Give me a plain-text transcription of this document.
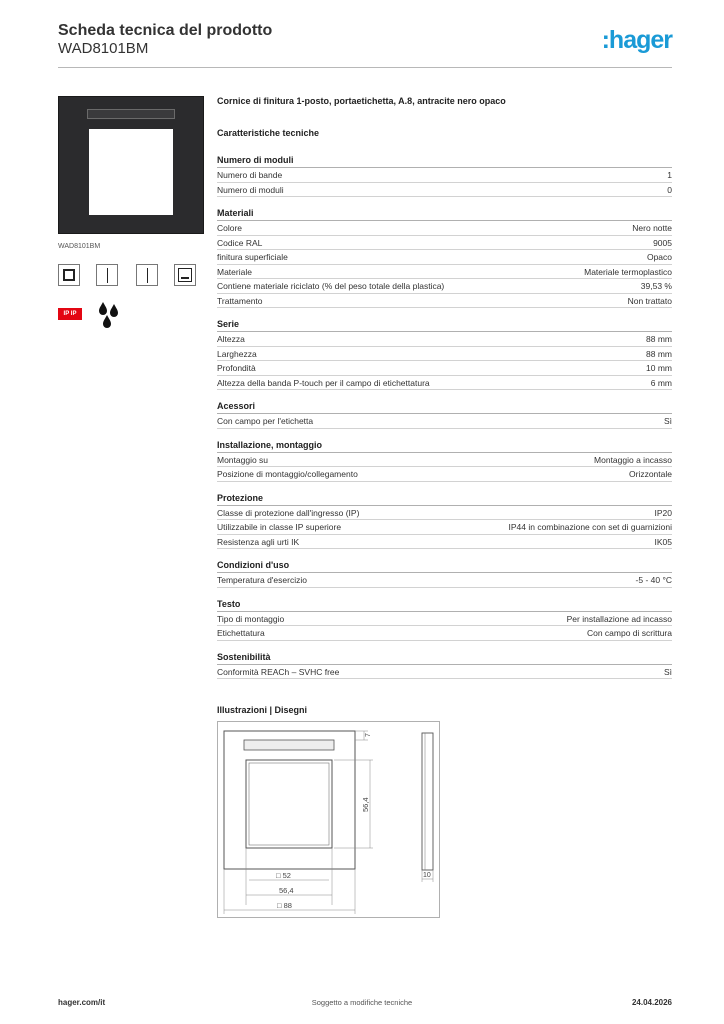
Scheda tecnica del prodotto
WAD8101BM	:hager
WAD8101BM
IP IP
Cornice di finitura 1-posto, portaetichetta, A.8, antracite nero opaco
Caratteristiche tecniche
Numero di moduli
Numero di bande	1
Numero di moduli	0
Materiali
Colore	Nero notte
Codice RAL	9005
finitura superficiale	Opaco
Materiale	Materiale termoplastico
Contiene materiale riciclato (% del peso totale della plastica)	39,53 %
Trattamento	Non trattato
Serie
Altezza	88 mm
Larghezza	88 mm
Profondità	10 mm
Altezza della banda P-touch per il campo di etichettatura	6 mm
Acessori
Con campo per l'etichetta	Sì
Installazione, montaggio
Montaggio su	Montaggio a incasso
Posizione di montaggio/collegamento	Orizzontale
Protezione
Classe di protezione dall'ingresso (IP)	IP20
Utilizzabile in classe IP superiore	IP44 in combinazione con set di guarnizioni
Resistenza agli urti IK	IK05
Condizioni d'uso
Temperatura d'esercizio	-5 - 40 °C
Testo
Tipo di montaggio	Per installazione ad incasso
Etichettatura	Con campo di scrittura
Sostenibilità
Conformità REACh – SVHC free	Sì
Illustrazioni | Disegni
7
56,4
□ 52
56,4
□ 88
10
hager.com/it	Soggetto a modifiche tecniche	24.04.2026
